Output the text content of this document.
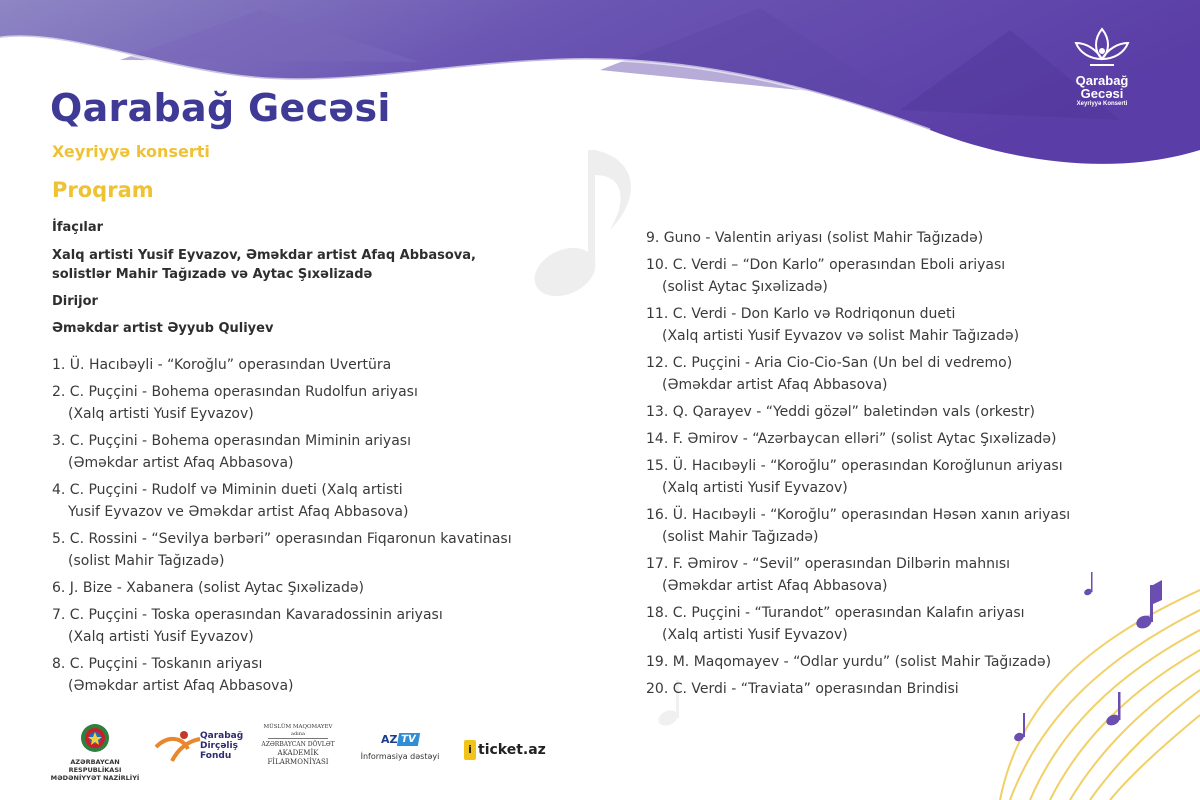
Qarabağ
Gecəsi
Xeyriyyə Konserti
Qarabağ Gecəsi
Xeyriyyə konserti
Proqram
İfaçılar
Xalq artisti Yusif Eyvazov, Əməkdar artist Afaq Abbasova,
solistlər Mahir Tağızadə və Aytac Şıxəlizadə
Dirijor
Əməkdar artist Əyyub Quliyev
1. Ü. Hacıbəyli - “Koroğlu” operasından Uvertüra
2. C. Puççini - Bohema operasından Rudolfun ariyası
(Xalq artisti Yusif Eyvazov)
3. C. Puççini - Bohema operasından Miminin ariyası
(Əməkdar artist Afaq Abbasova)
4. C. Puççini - Rudolf və Miminin dueti (Xalq artisti
Yusif Eyvazov ve Əməkdar artist Afaq Abbasova)
5. C. Rossini - “Sevilya bərbəri” operasından Fiqaronun kavatinası
(solist Mahir Tağızadə)
6. J. Bize - Xabanera (solist Aytac Şıxəlizadə)
7. C. Puççini - Toska operasından Kavaradossinin ariyası
(Xalq artisti Yusif Eyvazov)
8. C. Puççini - Toskanın ariyası
(Əməkdar artist Afaq Abbasova)
9. Guno - Valentin ariyası (solist Mahir Tağızadə)
10. C. Verdi – “Don Karlo” operasından Eboli ariyası
(solist Aytac Şıxəlizadə)
11. C. Verdi - Don Karlo və Rodriqonun dueti
(Xalq artisti Yusif Eyvazov və solist Mahir Tağızadə)
12. C. Puççini - Aria Cio-Cio-San (Un bel di vedremo)
(Əməkdar artist Afaq Abbasova)
13. Q. Qarayev - “Yeddi gözəl” baletindən vals (orkestr)
14. F. Əmirov - “Azərbaycan elləri” (solist Aytac Şıxəlizadə)
15. Ü. Hacıbəyli - “Koroğlu” operasından Koroğlunun ariyası
(Xalq artisti Yusif Eyvazov)
16. Ü. Hacıbəyli - “Koroğlu” operasından Həsən xanın ariyası
(solist Mahir Tağızadə)
17. F. Əmirov - “Sevil” operasından Dilbərin mahnısı
(Əməkdar artist Afaq Abbasova)
18. C. Puççini - “Turandot” operasından Kalafın ariyası
(Xalq artisti Yusif Eyvazov)
19. M. Maqomayev - “Odlar yurdu” (solist Mahir Tağızadə)
20. C. Verdi - “Traviata” operasından Brindisi
AZƏRBAYCAN RESPUBLİKASI
MƏDƏNİYYƏT NAZİRLİYİ
Qarabağ
Dirçəliş
Fondu
MÜSLÜM MAQOMAYEV
adına
AZƏRBAYCAN DÖVLƏT
AKADEMİK
FİLARMONİYASI
AZ TV
İnformasiya dəstəyi
i ticket.az
